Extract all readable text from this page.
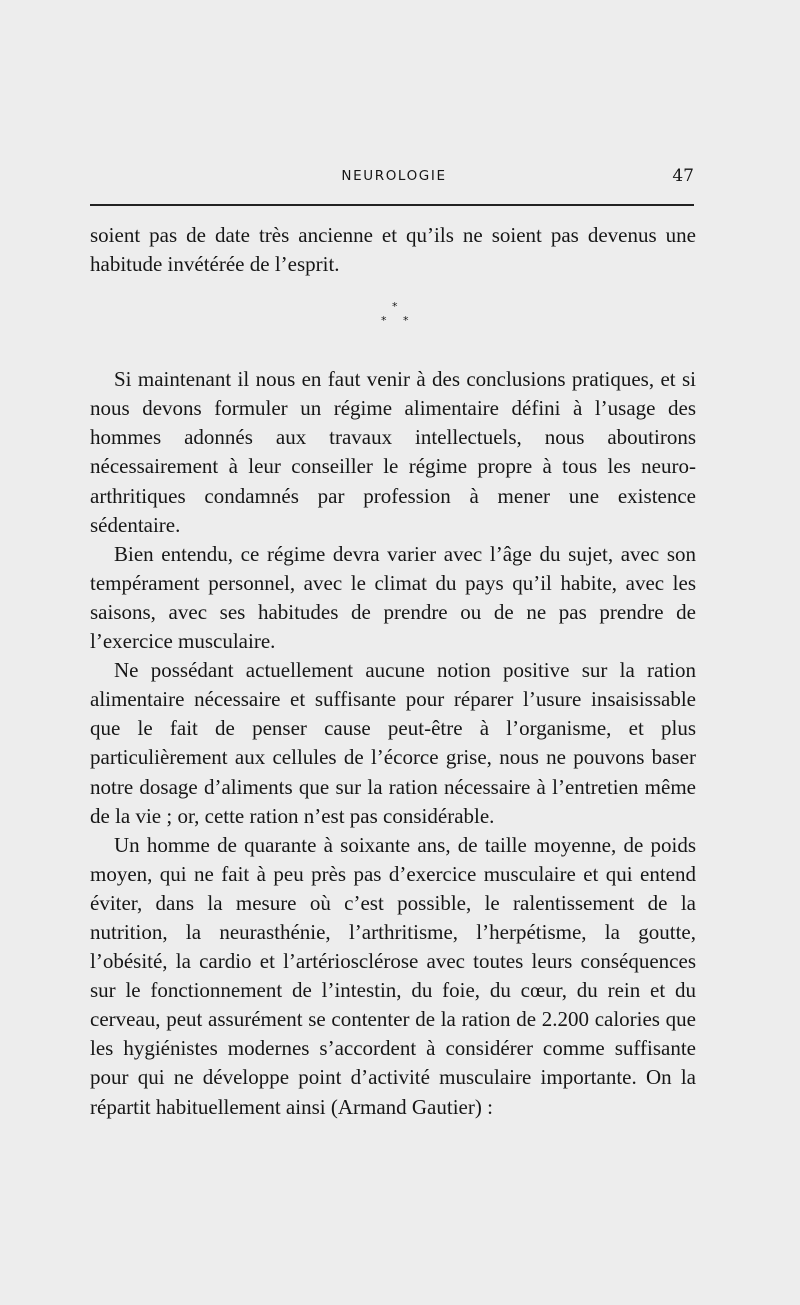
NEUROLOGIE	47

soient pas de date très ancienne et qu’ils ne soient pas devenus une habitude invétérée de l’esprit.

*
* *

Si maintenant il nous en faut venir à des conclusions pratiques, et si nous devons formuler un régime alimentaire défini à l’usage des hommes adonnés aux travaux intellectuels, nous aboutirons nécessairement à leur conseiller le régime propre à tous les neuro-arthritiques condamnés par profession à mener une existence sédentaire.

Bien entendu, ce régime devra varier avec l’âge du sujet, avec son tempérament personnel, avec le climat du pays qu’il habite, avec les saisons, avec ses habitudes de prendre ou de ne pas prendre de l’exercice musculaire.

Ne possédant actuellement aucune notion positive sur la ration alimentaire nécessaire et suffisante pour réparer l’usure insaisissable que le fait de penser cause peut-être à l’organisme, et plus particulièrement aux cellules de l’écorce grise, nous ne pouvons baser notre dosage d’aliments que sur la ration nécessaire à l’entretien même de la vie ; or, cette ration n’est pas considérable.

Un homme de quarante à soixante ans, de taille moyenne, de poids moyen, qui ne fait à peu près pas d’exercice musculaire et qui entend éviter, dans la mesure où c’est possible, le ralentissement de la nutrition, la neurasthénie, l’arthritisme, l’herpétisme, la goutte, l’obésité, la cardio et l’artériosclérose avec toutes leurs conséquences sur le fonctionnement de l’intestin, du foie, du cœur, du rein et du cerveau, peut assurément se contenter de la ration de 2.200 calories que les hygiénistes modernes s’accordent à considérer comme suffisante pour qui ne développe point d’activité musculaire importante. On la répartit habituellement ainsi (Armand Gautier) :
